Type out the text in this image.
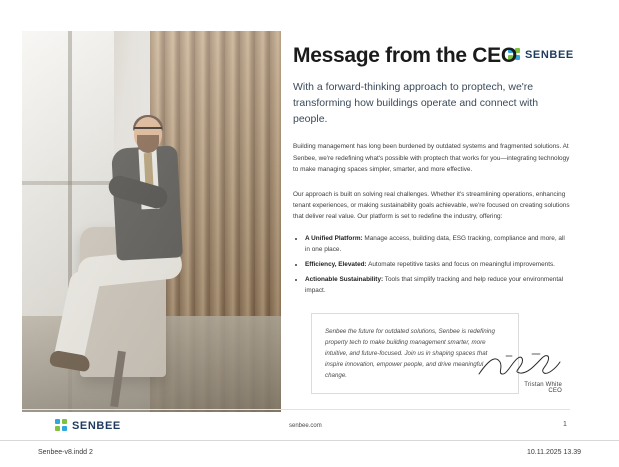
SENBEE
Message from the CEO

With a forward-thinking approach to proptech, we're transforming how buildings operate and connect with people.

Building management has long been burdened by outdated systems and fragmented solutions. At Senbee, we're redefining what's possible with proptech that works for you—integrating technology to make managing spaces simpler, smarter, and more effective.

Our approach is built on solving real challenges. Whether it's streamlining operations, enhancing tenant experiences, or making sustainability goals achievable, we're focused on creating solutions that deliver real value. Our platform is set to redefine the industry, offering:

• A Unified Platform: Manage access, building data, ESG tracking, compliance and more, all in one place.
• Efficiency, Elevated: Automate repetitive tasks and focus on meaningful improvements.
• Actionable Sustainability: Tools that simplify tracking and help reduce your environmental impact.

Senbee the future for outdated solutions, Senbee is redefining property tech to make building management smarter, more intuitive, and future-focused. Join us in shaping spaces that inspire innovation, empower people, and drive meaningful change.

Tristan White
CEO
SENBEE	senbee.com	1
Senbee-v8.indd 2	10.11.2025 13.39
